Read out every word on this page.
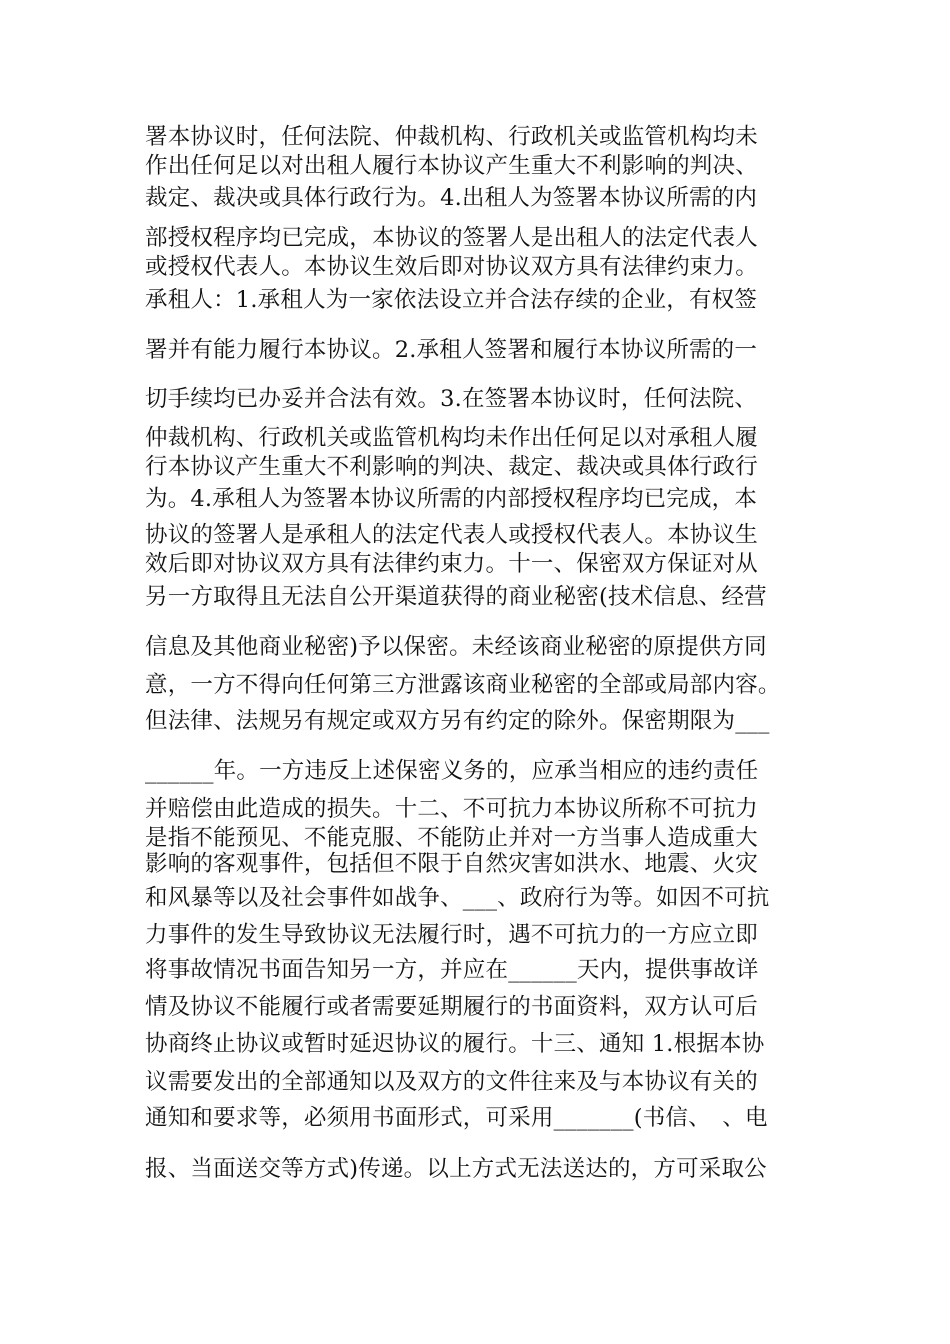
署本协议时，任何法院、仲裁机构、行政机关或监管机构均未
作出任何足以对出租人履行本协议产生重大不利影响的判决、
裁定、裁决或具体行政行为。4.出租人为签署本协议所需的内
部授权程序均已完成，本协议的签署人是出租人的法定代表人
或授权代表人。本协议生效后即对协议双方具有法律约束力。
承租人：1.承租人为一家依法设立并合法存续的企业，有权签
署并有能力履行本协议。2.承租人签署和履行本协议所需的一
切手续均已办妥并合法有效。3.在签署本协议时，任何法院、
仲裁机构、行政机关或监管机构均未作出任何足以对承租人履
行本协议产生重大不利影响的判决、裁定、裁决或具体行政行
为。4.承租人为签署本协议所需的内部授权程序均已完成，本
协议的签署人是承租人的法定代表人或授权代表人。本协议生
效后即对协议双方具有法律约束力。十一、保密双方保证对从
另一方取得且无法自公开渠道获得的商业秘密(技术信息、经营
信息及其他商业秘密)予以保密。未经该商业秘密的原提供方同
意，一方不得向任何第三方泄露该商业秘密的全部或局部内容。
但法律、法规另有规定或双方另有约定的除外。保密期限为___
______年。一方违反上述保密义务的，应承当相应的违约责任
并赔偿由此造成的损失。十二、不可抗力本协议所称不可抗力
是指不能预见、不能克服、不能防止并对一方当事人造成重大
影响的客观事件，包括但不限于自然灾害如洪水、地震、火灾
和风暴等以及社会事件如战争、___、政府行为等。如因不可抗
力事件的发生导致协议无法履行时，遇不可抗力的一方应立即
将事故情况书面告知另一方，并应在______天内，提供事故详
情及协议不能履行或者需要延期履行的书面资料，双方认可后
协商终止协议或暂时延迟协议的履行。十三、通知 1.根据本协
议需要发出的全部通知以及双方的文件往来及与本协议有关的
通知和要求等，必须用书面形式，可采用_______(书信、　、电
报、当面送交等方式)传递。以上方式无法送达的，方可采取公
